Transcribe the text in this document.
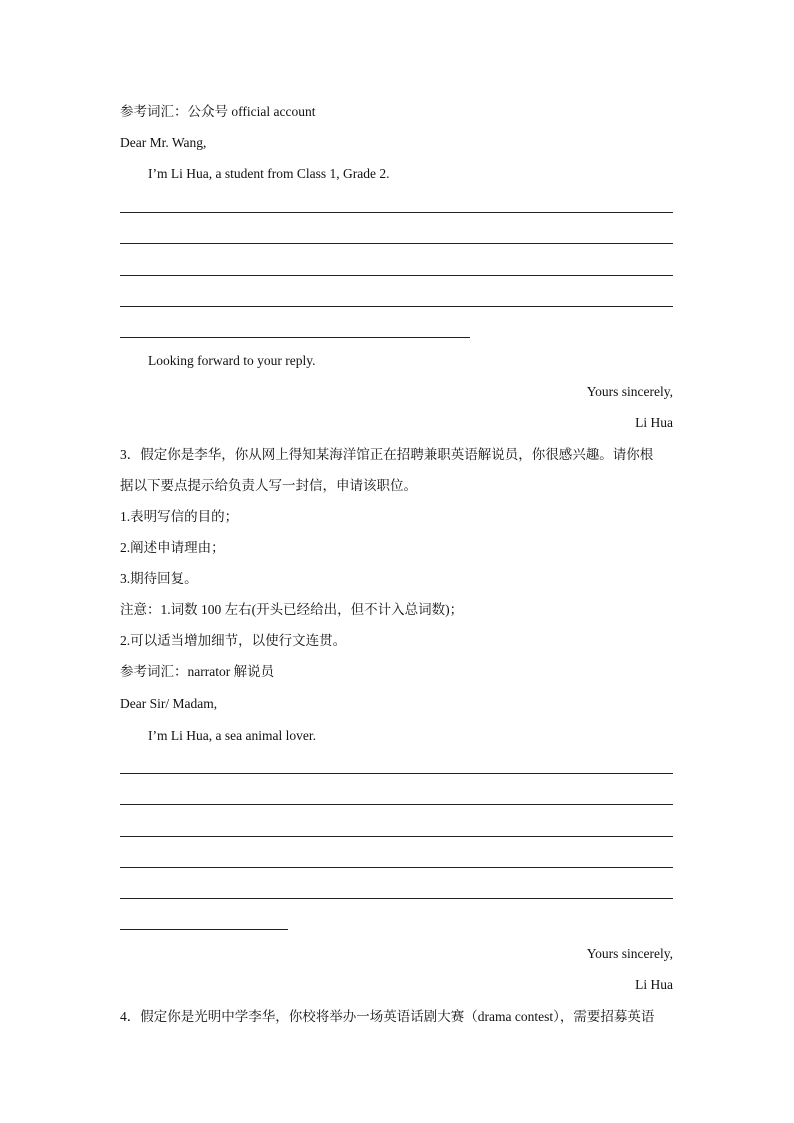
参考词汇：公众号 official account
Dear Mr. Wang,
I’m Li Hua, a student from Class 1, Grade 2.
Looking forward to your reply.
Yours sincerely,
Li Hua
3．假定你是李华，你从网上得知某海洋馆正在招聘兼职英语解说员，你很感兴趣。请你根
据以下要点提示给负责人写一封信，申请该职位。
1.表明写信的目的；
2.阐述申请理由；
3.期待回复。
注意：1.词数 100 左右(开头已经给出，但不计入总词数)；
2.可以适当增加细节，以使行文连贯。
参考词汇：narrator 解说员
Dear Sir/ Madam,
I’m Li Hua, a sea animal lover.
Yours sincerely,
Li Hua
4．假定你是光明中学李华，你校将举办一场英语话剧大赛（drama contest），需要招募英语
